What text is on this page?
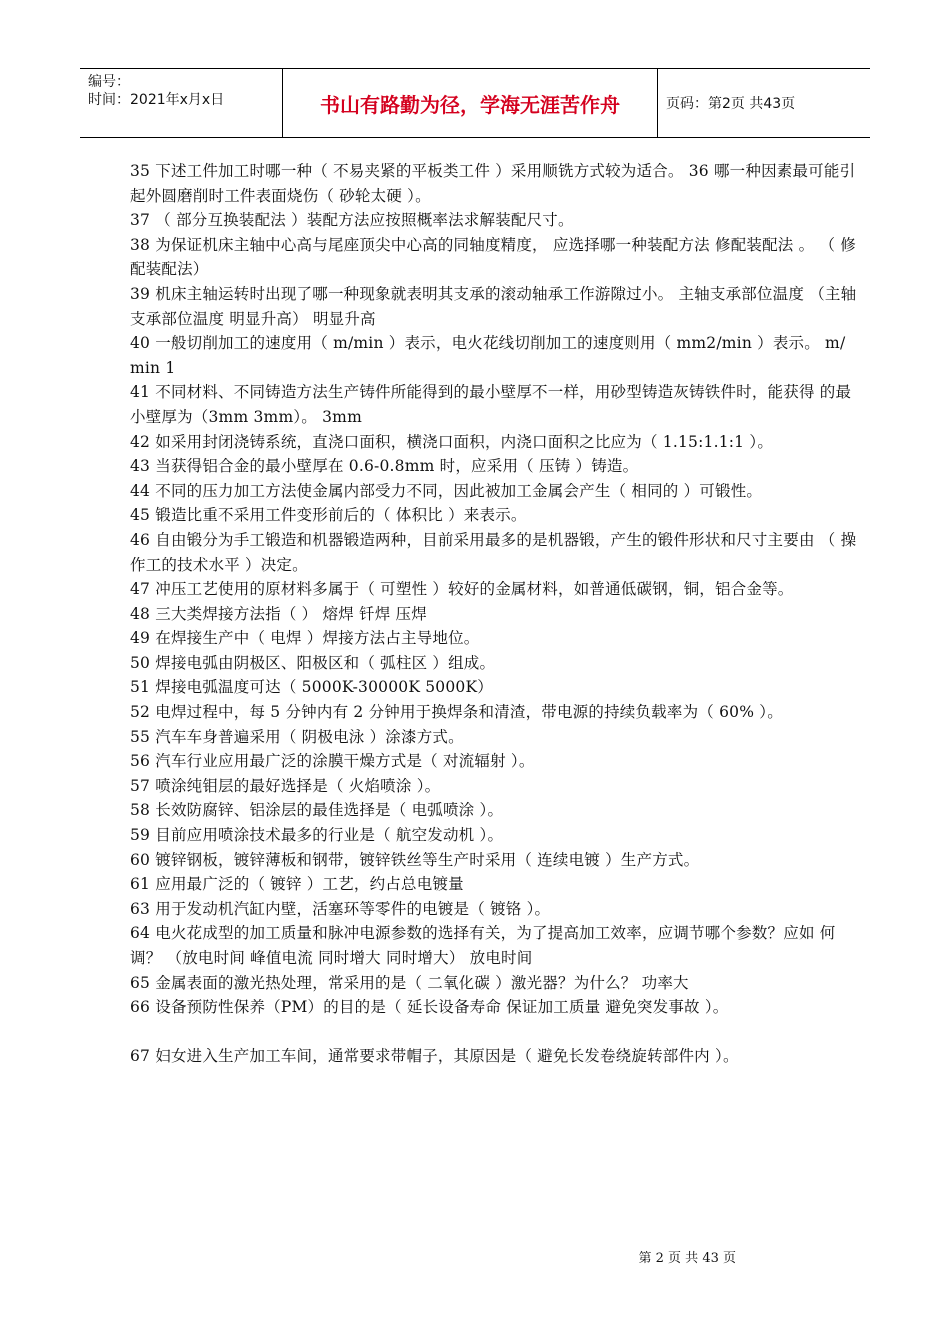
编号：
时间：2021年x月x日	书山有路勤为径，学海无涯苦作舟	页码：第2页 共43页

35 下述工件加工时哪一种（ 不易夹紧的平板类工件 ）采用顺铣方式较为适合。 36 哪一种因素最可能引起外圆磨削时工件表面烧伤（ 砂轮太硬 ）。

37 （ 部分互换装配法 ）装配方法应按照概率法求解装配尺寸。

38 为保证机床主轴中心高与尾座顶尖中心高的同轴度精度， 应选择哪一种装配方法 修配装配法 。 （ 修配装配法）

39 机床主轴运转时出现了哪一种现象就表明其支承的滚动轴承工作游隙过小。 主轴支承部位温度 （主轴支承部位温度 明显升高） 明显升高

40 一般切削加工的速度用（ m/min ）表示，电火花线切削加工的速度则用（ mm2/min ）表示。 m/min 1

41 不同材料、不同铸造方法生产铸件所能得到的最小壁厚不一样，用砂型铸造灰铸铁件时，能获得 的最小壁厚为（3mm 3mm）。 3mm

42 如采用封闭浇铸系统，直浇口面积，横浇口面积，内浇口面积之比应为（ 1.15:1.1:1 ）。

43 当获得铝合金的最小壁厚在 0.6-0.8mm 时，应采用（ 压铸 ）铸造。

44 不同的压力加工方法使金属内部受力不同，因此被加工金属会产生（ 相同的 ）可锻性。

45 锻造比重不采用工件变形前后的（ 体积比 ）来表示。

46 自由锻分为手工锻造和机器锻造两种，目前采用最多的是机器锻，产生的锻件形状和尺寸主要由 （ 操作工的技术水平 ）决定。

47 冲压工艺使用的原材料多属于（ 可塑性 ）较好的金属材料，如普通低碳钢，铜，铝合金等。

48 三大类焊接方法指（ ） 熔焊 钎焊 压焊

49 在焊接生产中（ 电焊 ）焊接方法占主导地位。

50 焊接电弧由阴极区、阳极区和（ 弧柱区 ）组成。

51 焊接电弧温度可达（ 5000K-30000K 5000K）

52 电焊过程中，每 5 分钟内有 2 分钟用于换焊条和清渣，带电源的持续负载率为（ 60% ）。

55 汽车车身普遍采用（ 阴极电泳 ）涂漆方式。

56 汽车行业应用最广泛的涂膜干燥方式是（ 对流辐射 ）。

57 喷涂纯钼层的最好选择是（ 火焰喷涂 ）。

58 长效防腐锌、铝涂层的最佳选择是（ 电弧喷涂 ）。

59 目前应用喷涂技术最多的行业是（ 航空发动机 ）。

60 镀锌钢板，镀锌薄板和钢带，镀锌铁丝等生产时采用（ 连续电镀 ）生产方式。

61 应用最广泛的（ 镀锌 ）工艺，约占总电镀量

63 用于发动机汽缸内壁，活塞环等零件的电镀是（ 镀铬 ）。

64 电火花成型的加工质量和脉冲电源参数的选择有关，为了提高加工效率，应调节哪个参数？应如 何调？ （放电时间 峰值电流 同时增大 同时增大） 放电时间

65 金属表面的激光热处理，常采用的是（ 二氧化碳 ）激光器？为什么？ 功率大

66 设备预防性保养（PM）的目的是（ 延长设备寿命 保证加工质量 避免突发事故 ）。

67 妇女进入生产加工车间，通常要求带帽子，其原因是（ 避免长发卷绕旋转部件内 ）。

第 2 页 共 43 页
